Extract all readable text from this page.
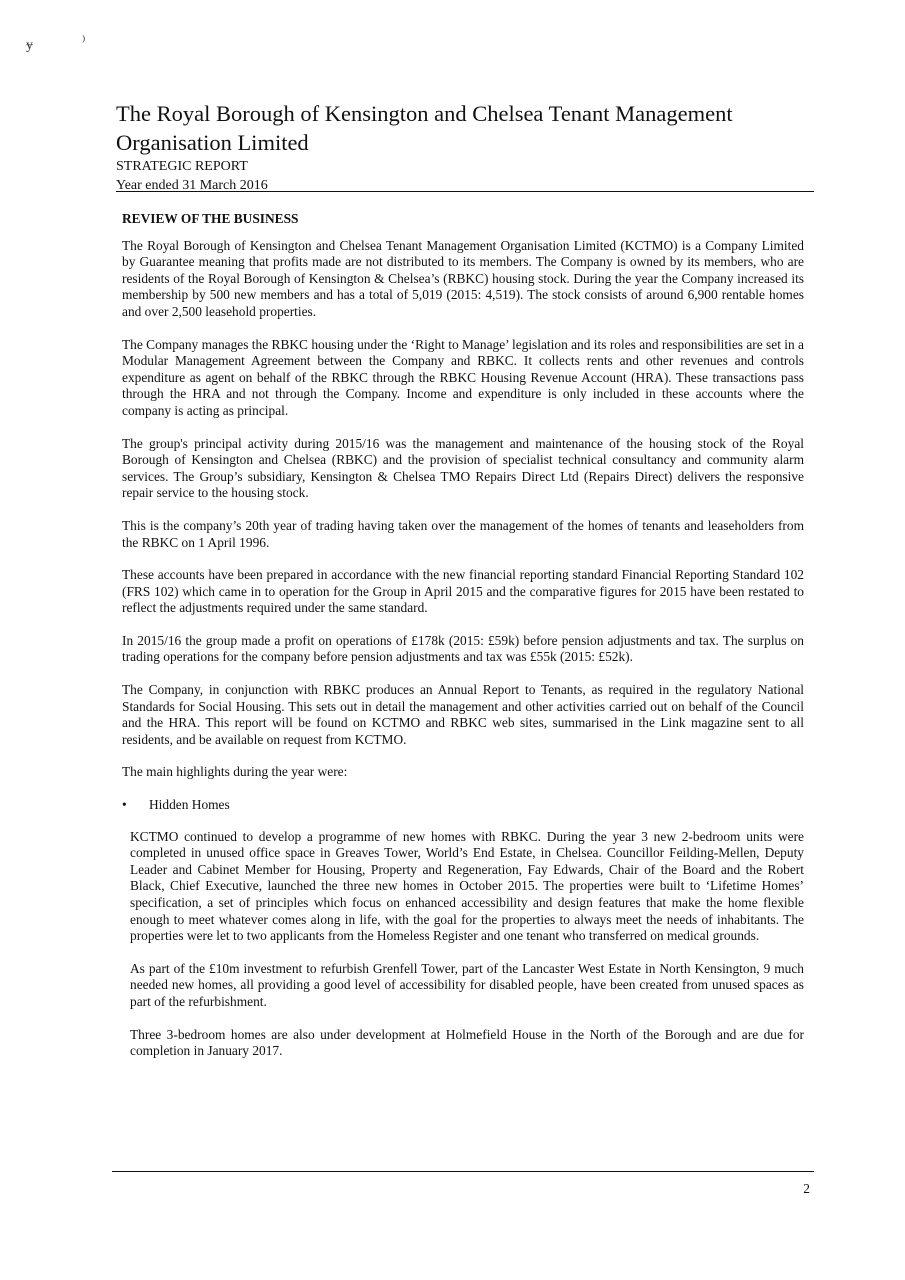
ɏ	⁾
The Royal Borough of Kensington and Chelsea Tenant Management
Organisation Limited

STRATEGIC REPORT

Year ended 31 March 2016

REVIEW OF THE BUSINESS

The Royal Borough of Kensington and Chelsea Tenant Management Organisation Limited (KCTMO) is a Company Limited by Guarantee meaning that profits made are not distributed to its members. The Company is owned by its members, who are residents of the Royal Borough of Kensington & Chelsea’s (RBKC) housing stock. During the year the Company increased its membership by 500 new members and has a total of 5,019 (2015: 4,519). The stock consists of around 6,900 rentable homes and over 2,500 leasehold properties.

The Company manages the RBKC housing under the ‘Right to Manage’ legislation and its roles and responsibilities are set in a Modular Management Agreement between the Company and RBKC. It collects rents and other revenues and controls expenditure as agent on behalf of the RBKC through the RBKC Housing Revenue Account (HRA). These transactions pass through the HRA and not through the Company. Income and expenditure is only included in these accounts where the company is acting as principal.

The group's principal activity during 2015/16 was the management and maintenance of the housing stock of the Royal Borough of Kensington and Chelsea (RBKC) and the provision of specialist technical consultancy and community alarm services. The Group’s subsidiary, Kensington & Chelsea TMO Repairs Direct Ltd (Repairs Direct) delivers the responsive repair service to the housing stock.

This is the company’s 20th year of trading having taken over the management of the homes of tenants and leaseholders from the RBKC on 1 April 1996.

These accounts have been prepared in accordance with the new financial reporting standard Financial Reporting Standard 102 (FRS 102) which came in to operation for the Group in April 2015 and the comparative figures for 2015 have been restated to reflect the adjustments required under the same standard.

In 2015/16 the group made a profit on operations of £178k (2015: £59k) before pension adjustments and tax. The surplus on trading operations for the company before pension adjustments and tax was £55k (2015: £52k).

The Company, in conjunction with RBKC produces an Annual Report to Tenants, as required in the regulatory National Standards for Social Housing. This sets out in detail the management and other activities carried out on behalf of the Council and the HRA. This report will be found on KCTMO and RBKC web sites, summarised in the Link magazine sent to all residents, and be available on request from KCTMO.

The main highlights during the year were:

• Hidden Homes

KCTMO continued to develop a programme of new homes with RBKC. During the year 3 new 2-bedroom units were completed in unused office space in Greaves Tower, World’s End Estate, in Chelsea. Councillor Feilding-Mellen, Deputy Leader and Cabinet Member for Housing, Property and Regeneration, Fay Edwards, Chair of the Board and the Robert Black, Chief Executive, launched the three new homes in October 2015. The properties were built to ‘Lifetime Homes’ specification, a set of principles which focus on enhanced accessibility and design features that make the home flexible enough to meet whatever comes along in life, with the goal for the properties to always meet the needs of inhabitants. The properties were let to two applicants from the Homeless Register and one tenant who transferred on medical grounds.

As part of the £10m investment to refurbish Grenfell Tower, part of the Lancaster West Estate in North Kensington, 9 much needed new homes, all providing a good level of accessibility for disabled people, have been created from unused spaces as part of the refurbishment.

Three 3-bedroom homes are also under development at Holmefield House in the North of the Borough and are due for completion in January 2017.

2
